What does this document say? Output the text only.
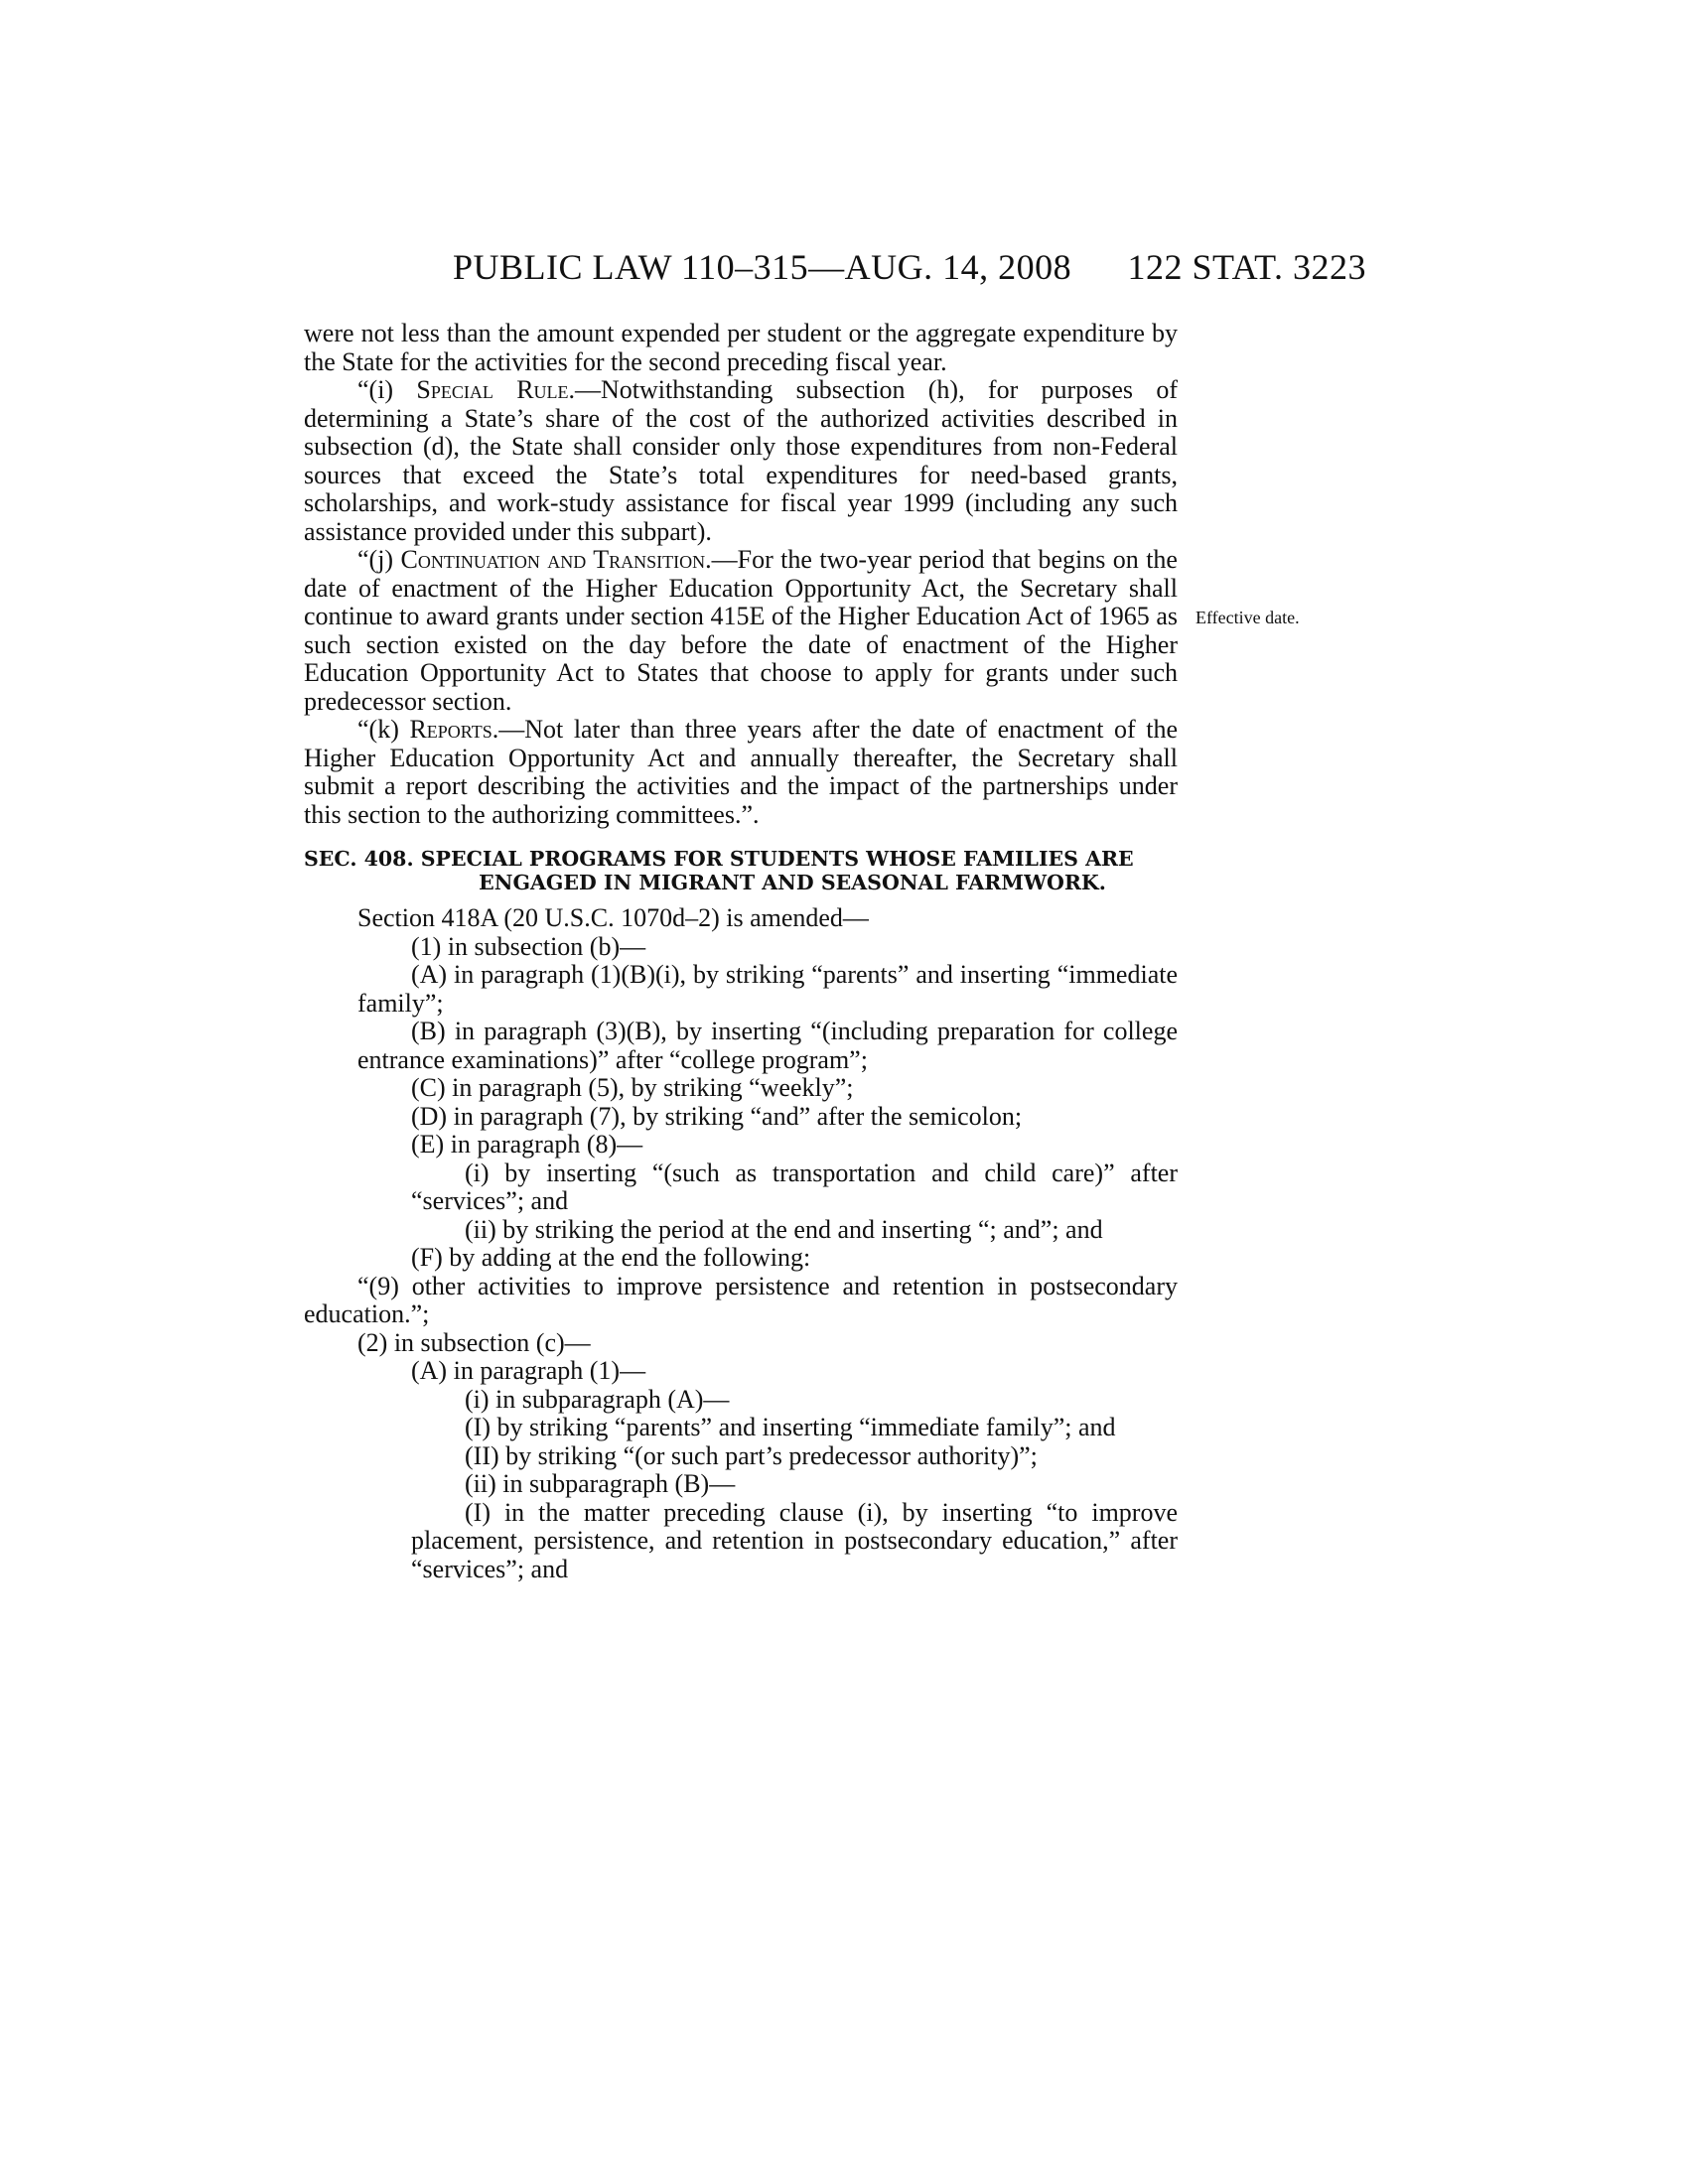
PUBLIC LAW 110–315—AUG. 14, 2008 122 STAT. 3223
Effective date.
were not less than the amount expended per student or the aggregate expenditure by the State for the activities for the second preceding fiscal year.
“(i) Special Rule.—Notwithstanding subsection (h), for purposes of determining a State’s share of the cost of the authorized activities described in subsection (d), the State shall consider only those expenditures from non-Federal sources that exceed the State’s total expenditures for need-based grants, scholarships, and work-study assistance for fiscal year 1999 (including any such assistance provided under this subpart).
“(j) Continuation and Transition.—For the two-year period that begins on the date of enactment of the Higher Education Opportunity Act, the Secretary shall continue to award grants under section 415E of the Higher Education Act of 1965 as such section existed on the day before the date of enactment of the Higher Education Opportunity Act to States that choose to apply for grants under such predecessor section.
“(k) Reports.—Not later than three years after the date of enactment of the Higher Education Opportunity Act and annually thereafter, the Secretary shall submit a report describing the activities and the impact of the partnerships under this section to the authorizing committees.”.
SEC. 408. SPECIAL PROGRAMS FOR STUDENTS WHOSE FAMILIES ARE
ENGAGED IN MIGRANT AND SEASONAL FARMWORK.
Section 418A (20 U.S.C. 1070d–2) is amended—
(1) in subsection (b)—
(A) in paragraph (1)(B)(i), by striking “parents” and inserting “immediate family”;
(B) in paragraph (3)(B), by inserting “(including preparation for college entrance examinations)” after “college program”;
(C) in paragraph (5), by striking “weekly”;
(D) in paragraph (7), by striking “and” after the semicolon;
(E) in paragraph (8)—
(i) by inserting “(such as transportation and child care)” after “services”; and
(ii) by striking the period at the end and inserting “; and”; and
(F) by adding at the end the following:
“(9) other activities to improve persistence and retention in postsecondary education.”;
(2) in subsection (c)—
(A) in paragraph (1)—
(i) in subparagraph (A)—
(I) by striking “parents” and inserting “immediate family”; and
(II) by striking “(or such part’s predecessor authority)”;
(ii) in subparagraph (B)—
(I) in the matter preceding clause (i), by inserting “to improve placement, persistence, and retention in postsecondary education,” after “services”; and
